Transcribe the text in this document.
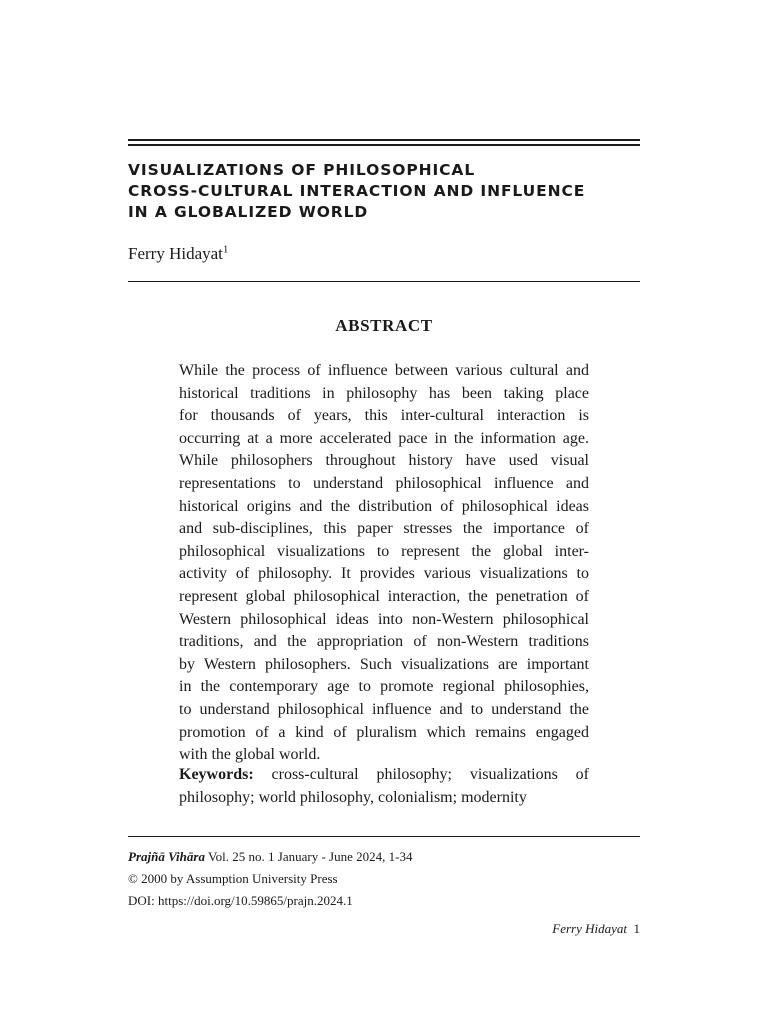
VISUALIZATIONS OF PHILOSOPHICAL
CROSS-CULTURAL INTERACTION AND INFLUENCE
IN A GLOBALIZED WORLD
Ferry Hidayat$^1$
ABSTRACT
While the process of influence between various cultural and
historical traditions in philosophy has been taking place
for thousands of years, this inter-cultural interaction is
occurring at a more accelerated pace in the information age.
While philosophers throughout history have used visual
representations to understand philosophical influence and
historical origins and the distribution of philosophical ideas
and sub-disciplines, this paper stresses the importance of
philosophical visualizations to represent the global inter-
activity of philosophy. It provides various visualizations to
represent global philosophical interaction, the penetration of
Western philosophical ideas into non-Western philosophical
traditions, and the appropriation of non-Western traditions
by Western philosophers. Such visualizations are important
in the contemporary age to promote regional philosophies,
to understand philosophical influence and to understand the
promotion of a kind of pluralism which remains engaged
with the global world.
Keywords: cross-cultural philosophy; visualizations of
philosophy; world philosophy, colonialism; modernity
Prajñā Vihāra Vol. 25 no. 1 January - June 2024, 1-34
© 2000 by Assumption University Press
DOI: https://doi.org/10.59865/prajn.2024.1
Ferry Hidayat 1
